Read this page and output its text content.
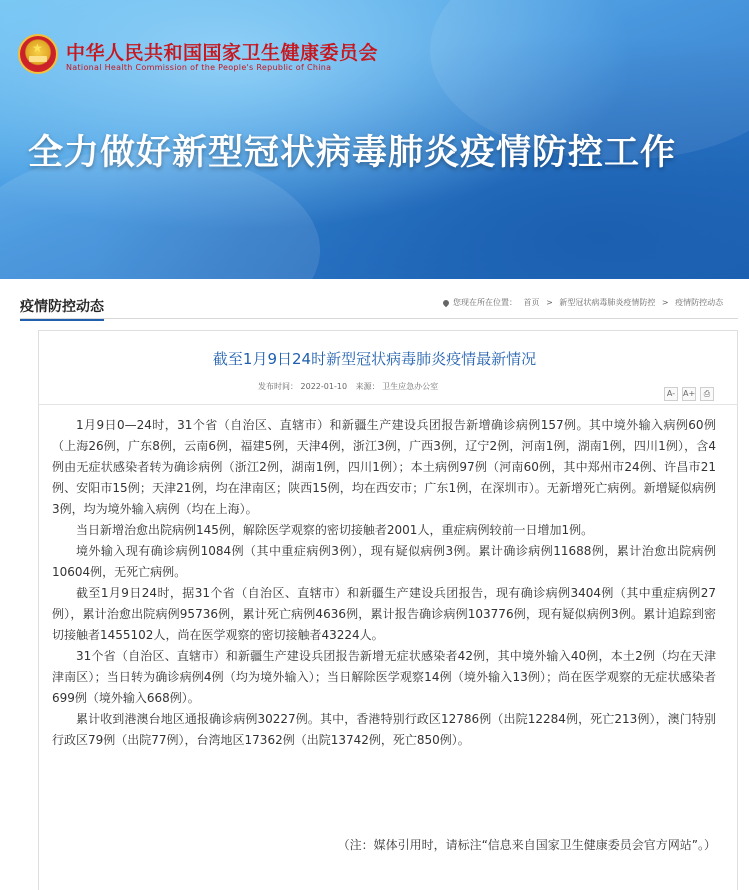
★ 中华人民共和国国家卫生健康委员会
National Health Commission of the People's Republic of China
全力做好新型冠状病毒肺炎疫情防控工作
疫情防控动态	您现在所在位置： 首页 > 新型冠状病毒肺炎疫情防控 > 疫情防控动态
截至1月9日24时新型冠状病毒肺炎疫情最新情况
发布时间： 2022-01-10 来源： 卫生应急办公室
A- A+ ⎙

1月9日0—24时，31个省（自治区、直辖市）和新疆生产建设兵团报告新增确诊病例157例。其中境外输入病例60例（上海26例，广东8例，云南6例，福建5例，天津4例，浙江3例，广西3例，辽宁2例，河南1例，湖南1例，四川1例），含4例由无症状感染者转为确诊病例（浙江2例，湖南1例，四川1例）；本土病例97例（河南60例，其中郑州市24例、许昌市21例、安阳市15例；天津21例，均在津南区；陕西15例，均在西安市；广东1例，在深圳市）。无新增死亡病例。新增疑似病例3例，均为境外输入病例（均在上海）。

当日新增治愈出院病例145例，解除医学观察的密切接触者2001人，重症病例较前一日增加1例。

境外输入现有确诊病例1084例（其中重症病例3例），现有疑似病例3例。累计确诊病例11688例，累计治愈出院病例10604例，无死亡病例。

截至1月9日24时，据31个省（自治区、直辖市）和新疆生产建设兵团报告，现有确诊病例3404例（其中重症病例27例），累计治愈出院病例95736例，累计死亡病例4636例，累计报告确诊病例103776例，现有疑似病例3例。累计追踪到密切接触者1455102人，尚在医学观察的密切接触者43224人。

31个省（自治区、直辖市）和新疆生产建设兵团报告新增无症状感染者42例，其中境外输入40例，本土2例（均在天津津南区）；当日转为确诊病例4例（均为境外输入）；当日解除医学观察14例（境外输入13例）；尚在医学观察的无症状感染者699例（境外输入668例）。

累计收到港澳台地区通报确诊病例30227例。其中，香港特别行政区12786例（出院12284例，死亡213例），澳门特别行政区79例（出院77例），台湾地区17362例（出院13742例，死亡850例）。

（注：媒体引用时，请标注“信息来自国家卫生健康委员会官方网站”。）
